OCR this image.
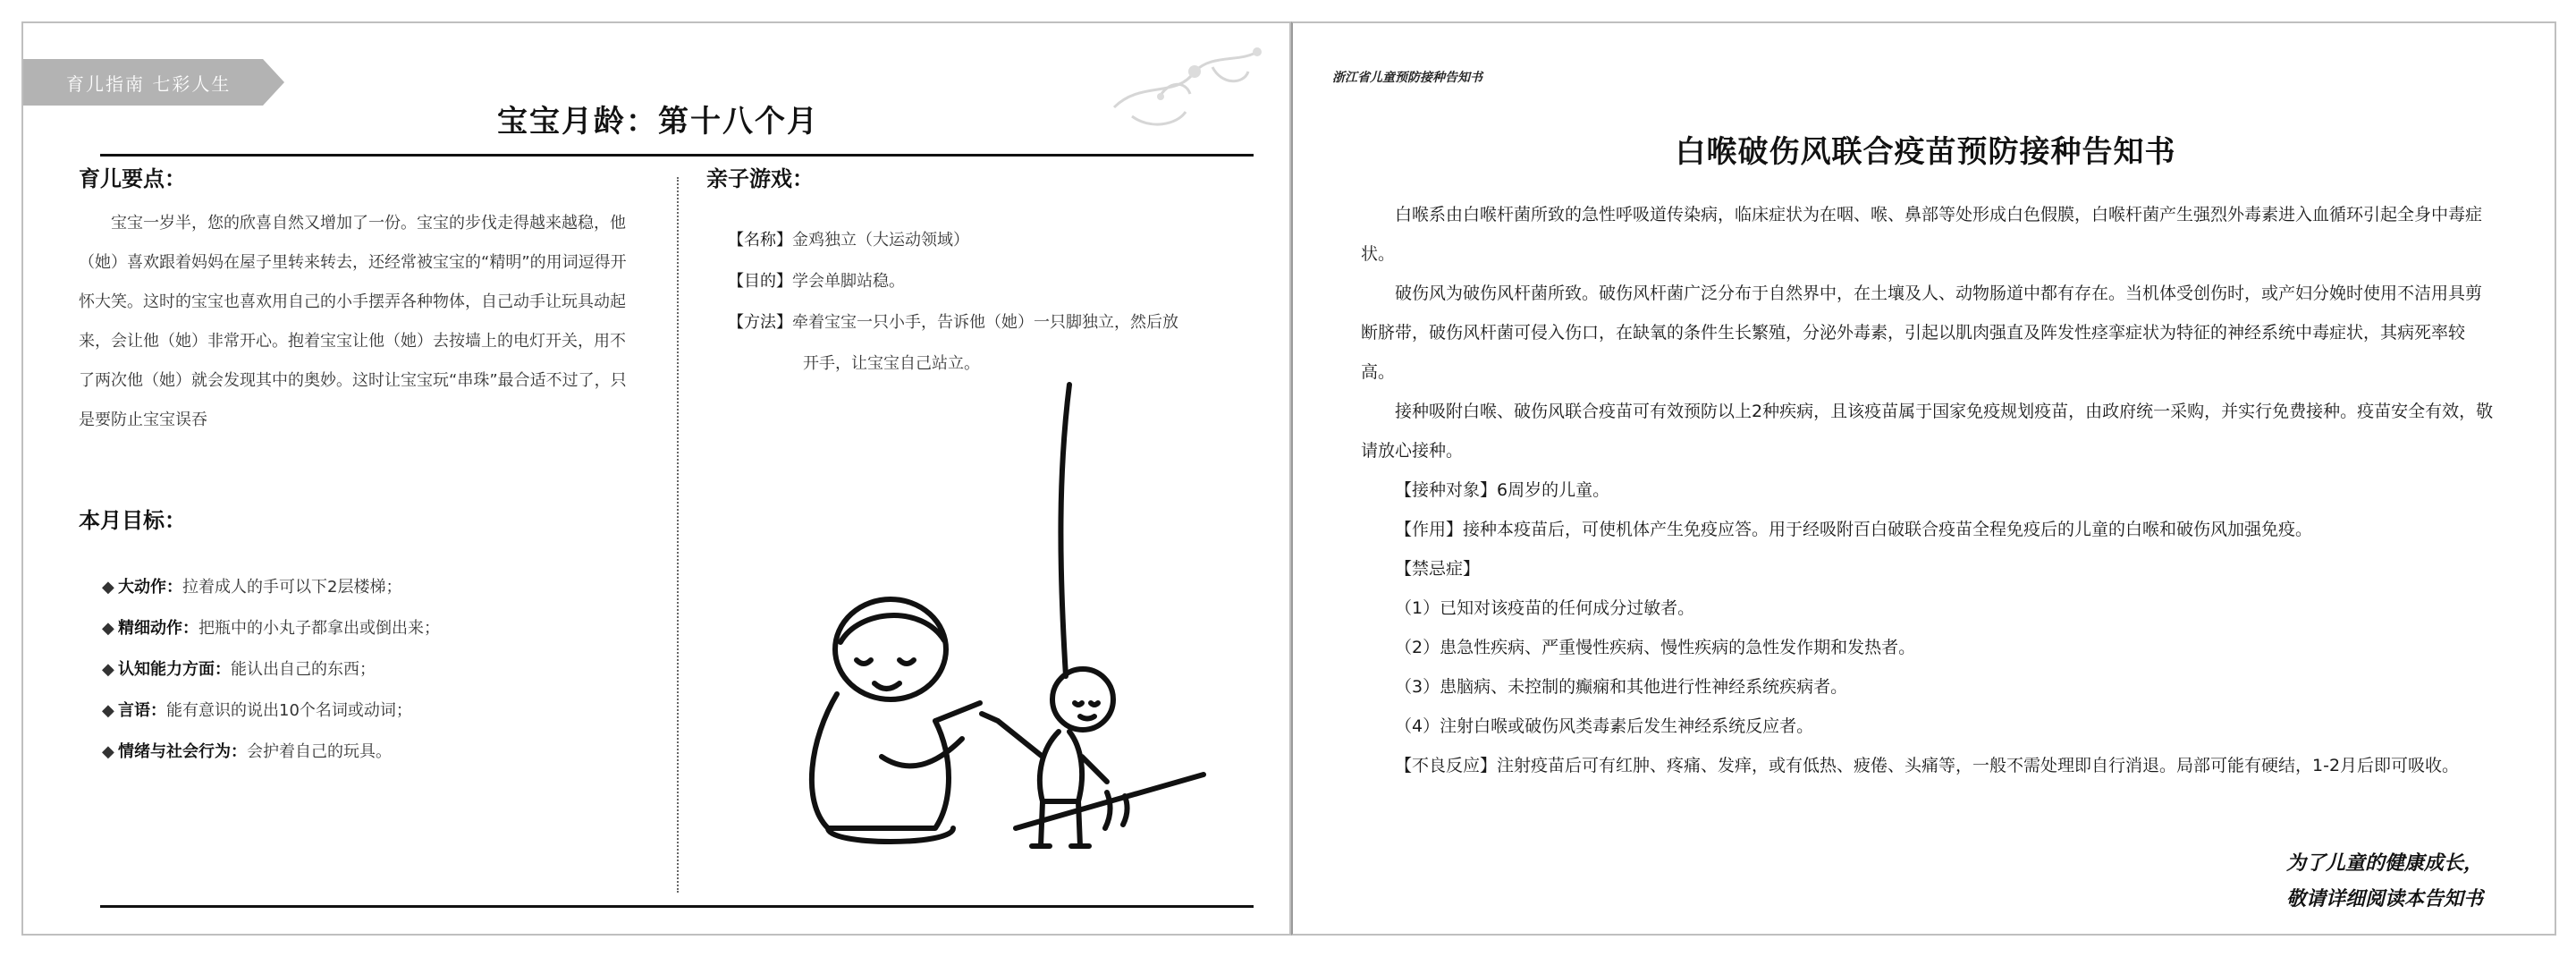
育儿指南 七彩人生
宝宝月龄：第十八个月
育儿要点：

宝宝一岁半，您的欣喜自然又增加了一份。宝宝的步伐走得越来越稳，他（她）喜欢跟着妈妈在屋子里转来转去，还经常被宝宝的“精明”的用词逗得开怀大笑。这时的宝宝也喜欢用自己的小手摆弄各种物体，自己动手让玩具动起来，会让他（她）非常开心。抱着宝宝让他（她）去按墙上的电灯开关，用不了两次他（她）就会发现其中的奥妙。这时让宝宝玩“串珠”最合适不过了，只是要防止宝宝误吞

本月目标：
◆ 大动作：拉着成人的手可以下2层楼梯；
◆ 精细动作：把瓶中的小丸子都拿出或倒出来；
◆ 认知能力方面：能认出自己的东西；
◆ 言语：能有意识的说出10个名词或动词；
◆ 情绪与社会行为：会护着自己的玩具。
亲子游戏：
【名称】金鸡独立（大运动领域）
【目的】学会单脚站稳。
【方法】牵着宝宝一只小手，告诉他（她）一只脚独立，然后放
开手，让宝宝自己站立。
浙江省儿童预防接种告知书
白喉破伤风联合疫苗预防接种告知书

白喉系由白喉杆菌所致的急性呼吸道传染病，临床症状为在咽、喉、鼻部等处形成白色假膜，白喉杆菌产生强烈外毒素进入血循环引起全身中毒症状。

破伤风为破伤风杆菌所致。破伤风杆菌广泛分布于自然界中，在土壤及人、动物肠道中都有存在。当机体受创伤时，或产妇分娩时使用不洁用具剪断脐带，破伤风杆菌可侵入伤口，在缺氧的条件生长繁殖，分泌外毒素，引起以肌肉强直及阵发性痉挛症状为特征的神经系统中毒症状，其病死率较高。

接种吸附白喉、破伤风联合疫苗可有效预防以上2种疾病，且该疫苗属于国家免疫规划疫苗，由政府统一采购，并实行免费接种。疫苗安全有效，敬请放心接种。

【接种对象】6周岁的儿童。

【作用】接种本疫苗后，可使机体产生免疫应答。用于经吸附百白破联合疫苗全程免疫后的儿童的白喉和破伤风加强免疫。

【禁忌症】

（1）已知对该疫苗的任何成分过敏者。

（2）患急性疾病、严重慢性疾病、慢性疾病的急性发作期和发热者。

（3）患脑病、未控制的癫痫和其他进行性神经系统疾病者。

（4）注射白喉或破伤风类毒素后发生神经系统反应者。

【不良反应】注射疫苗后可有红肿、疼痛、发痒，或有低热、疲倦、头痛等，一般不需处理即自行消退。局部可能有硬结，1-2月后即可吸收。

为了儿童的健康成长，
敬请详细阅读本告知书
